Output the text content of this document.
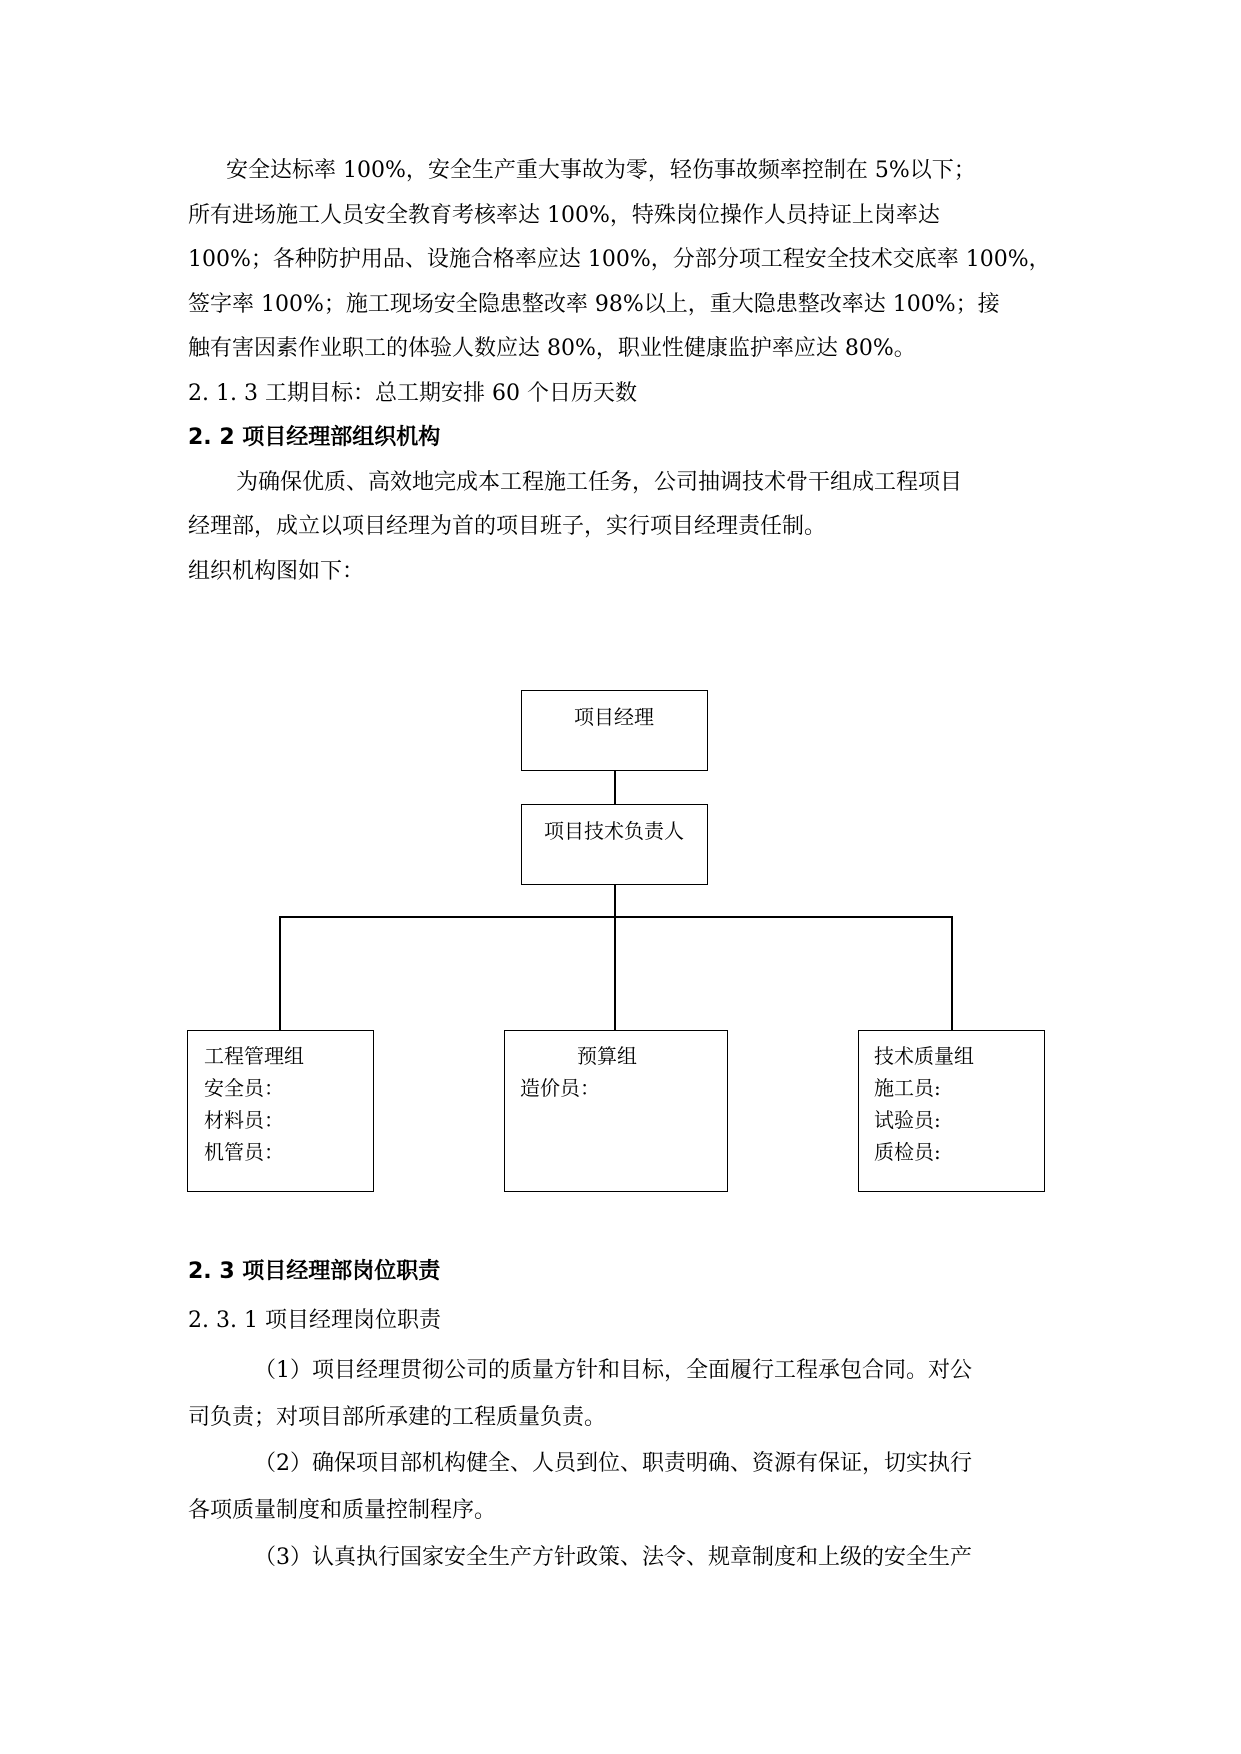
安全达标率 100%，安全生产重大事故为零，轻伤事故频率控制在 5%以下；
所有进场施工人员安全教育考核率达 100%，特殊岗位操作人员持证上岗率达
100%；各种防护用品、设施合格率应达 100%，分部分项工程安全技术交底率 100%，
签字率 100%；施工现场安全隐患整改率 98%以上，重大隐患整改率达 100%；接
触有害因素作业职工的体验人数应达 80%，职业性健康监护率应达 80%。
2. 1. 3 工期目标：总工期安排 60 个日历天数
2. 2 项目经理部组织机构
为确保优质、高效地完成本工程施工任务，公司抽调技术骨干组成工程项目
经理部，成立以项目经理为首的项目班子，实行项目经理责任制。
组织机构图如下：
项目经理
项目技术负责人
工程管理组
安全员：
材料员：
机管员：
预算组
造价员：
技术质量组
施工员:
试验员:
质检员:
2. 3 项目经理部岗位职责
2. 3. 1 项目经理岗位职责
（1）项目经理贯彻公司的质量方针和目标，全面履行工程承包合同。对公
司负责；对项目部所承建的工程质量负责。
（2）确保项目部机构健全、人员到位、职责明确、资源有保证，切实执行
各项质量制度和质量控制程序。
（3）认真执行国家安全生产方针政策、法令、规章制度和上级的安全生产
